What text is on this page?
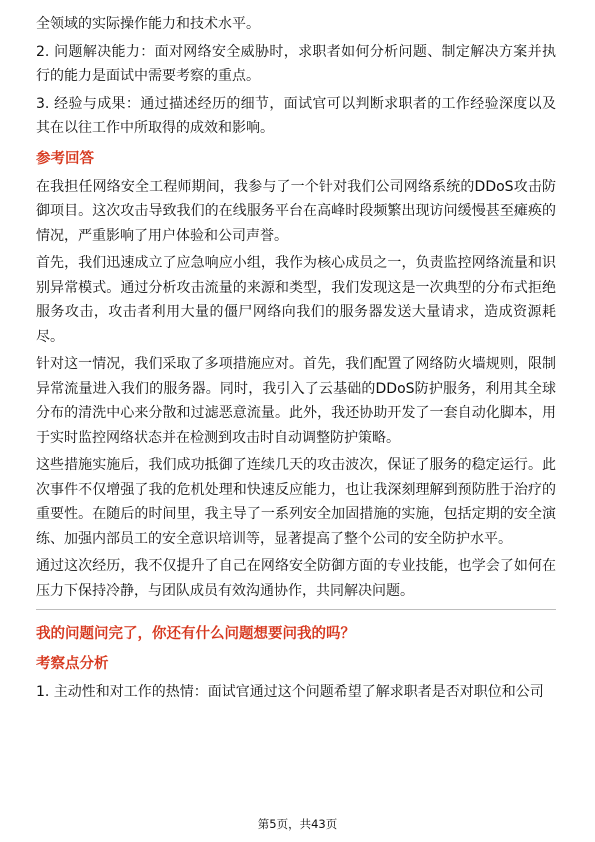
全领域的实际操作能力和技术水平。

2. 问题解决能力：面对网络安全威胁时，求职者如何分析问题、制定解决方案并执行的能力是面试中需要考察的重点。

3. 经验与成果：通过描述经历的细节，面试官可以判断求职者的工作经验深度以及其在以往工作中所取得的成效和影响。

参考回答

在我担任网络安全工程师期间，我参与了一个针对我们公司网络系统的DDoS攻击防御项目。这次攻击导致我们的在线服务平台在高峰时段频繁出现访问缓慢甚至瘫痪的情况，严重影响了用户体验和公司声誉。

首先，我们迅速成立了应急响应小组，我作为核心成员之一，负责监控网络流量和识别异常模式。通过分析攻击流量的来源和类型，我们发现这是一次典型的分布式拒绝服务攻击，攻击者利用大量的僵尸网络向我们的服务器发送大量请求，造成资源耗尽。

针对这一情况，我们采取了多项措施应对。首先，我们配置了网络防火墙规则，限制异常流量进入我们的服务器。同时，我引入了云基础的DDoS防护服务，利用其全球分布的清洗中心来分散和过滤恶意流量。此外，我还协助开发了一套自动化脚本，用于实时监控网络状态并在检测到攻击时自动调整防护策略。

这些措施实施后，我们成功抵御了连续几天的攻击波次，保证了服务的稳定运行。此次事件不仅增强了我的危机处理和快速反应能力，也让我深刻理解到预防胜于治疗的重要性。在随后的时间里，我主导了一系列安全加固措施的实施，包括定期的安全演练、加强内部员工的安全意识培训等，显著提高了整个公司的安全防护水平。

通过这次经历，我不仅提升了自己在网络安全防御方面的专业技能，也学会了如何在压力下保持冷静，与团队成员有效沟通协作，共同解决问题。

我的问题问完了，你还有什么问题想要问我的吗？
考察点分析

1. 主动性和对工作的热情：面试官通过这个问题希望了解求职者是否对职位和公司

第5页，共43页
